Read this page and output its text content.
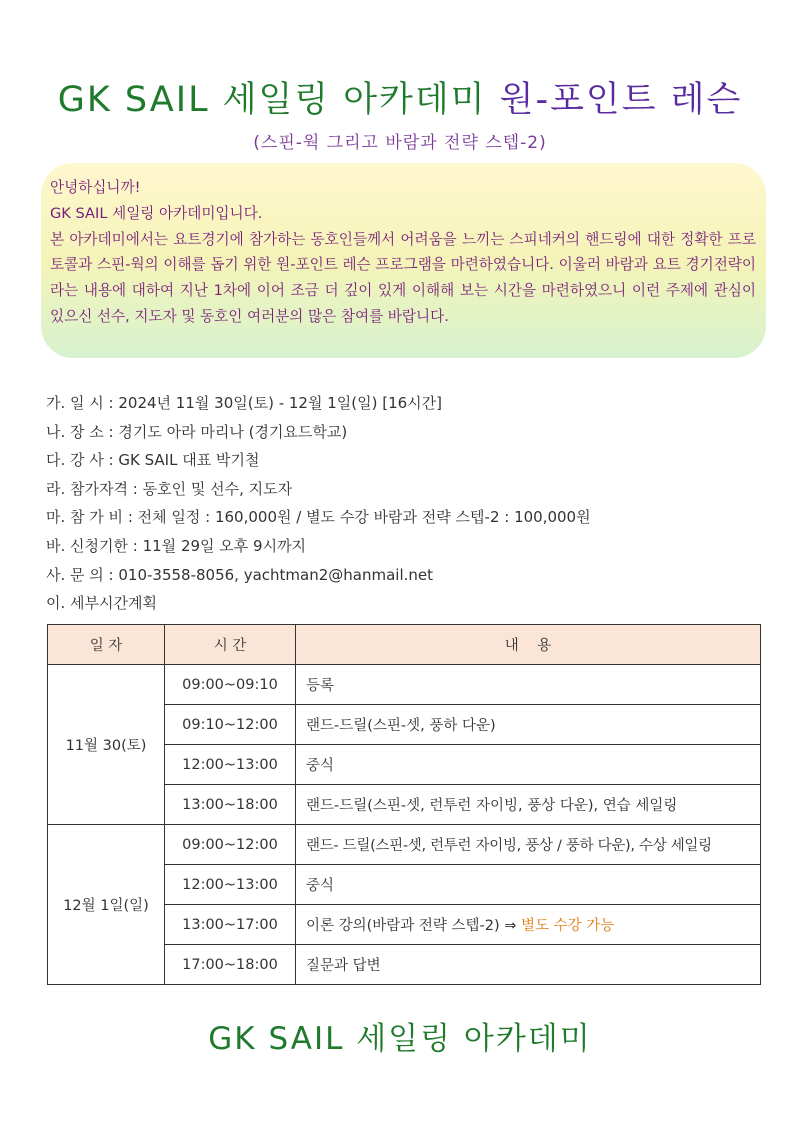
GK SAIL 세일링 아카데미 원-포인트 레슨
(스핀-웍 그리고 바람과 전략 스텝-2)

안녕하십니까!

GK SAIL 세일링 아카데미입니다.

본 아카데미에서는 요트경기에 참가하는 동호인들께서 어려움을 느끼는 스피네커의 핸드링에 대한 정확한 프로토콜과 스핀-웍의 이해를 돕기 위한 원-포인트 레슨 프로그램을 마련하였습니다. 이울러 바람과 요트 경기전략이라는 내용에 대하여 지난 1차에 이어 조금 더 깊이 있게 이해해 보는 시간을 마련하였으니 이런 주제에 관심이 있으신 선수, 지도자 및 동호인 여러분의 많은 참여를 바랍니다.

가. 일 시 : 2024년 11월 30일(토) - 12월 1일(일) [16시간]
나. 장 소 : 경기도 아라 마리나 (경기요드학교)
다. 강 사 : GK SAIL 대표 박기철
라. 참가자격 : 동호인 및 선수, 지도자
마. 참 가 비 : 전체 일정 : 160,000원 / 별도 수강 바람과 전략 스텝-2 : 100,000원
바. 신청기한 : 11월 29일 오후 9시까지
사. 문 의 : 010-3558-8056, yachtman2@hanmail.net
이. 세부시간계획
일 자	시 간	내    용
11월 30(토)	09:00~09:10	등록
	09:10~12:00	랜드-드릴(스핀-셋, 풍하 다운)
	12:00~13:00	중식
	13:00~18:00	랜드-드릴(스핀-셋, 런투런 자이빙, 풍상 다운), 연습 세일링
12월 1일(일)	09:00~12:00	랜드- 드릴(스핀-셋, 런투런 자이빙, 풍상 / 풍하 다운), 수상 세일링
	12:00~13:00	중식
	13:00~17:00	이론 강의(바람과 전략 스텝-2) ⇒ 별도 수강 가능
	17:00~18:00	질문과 답변
GK SAIL 세일링 아카데미
